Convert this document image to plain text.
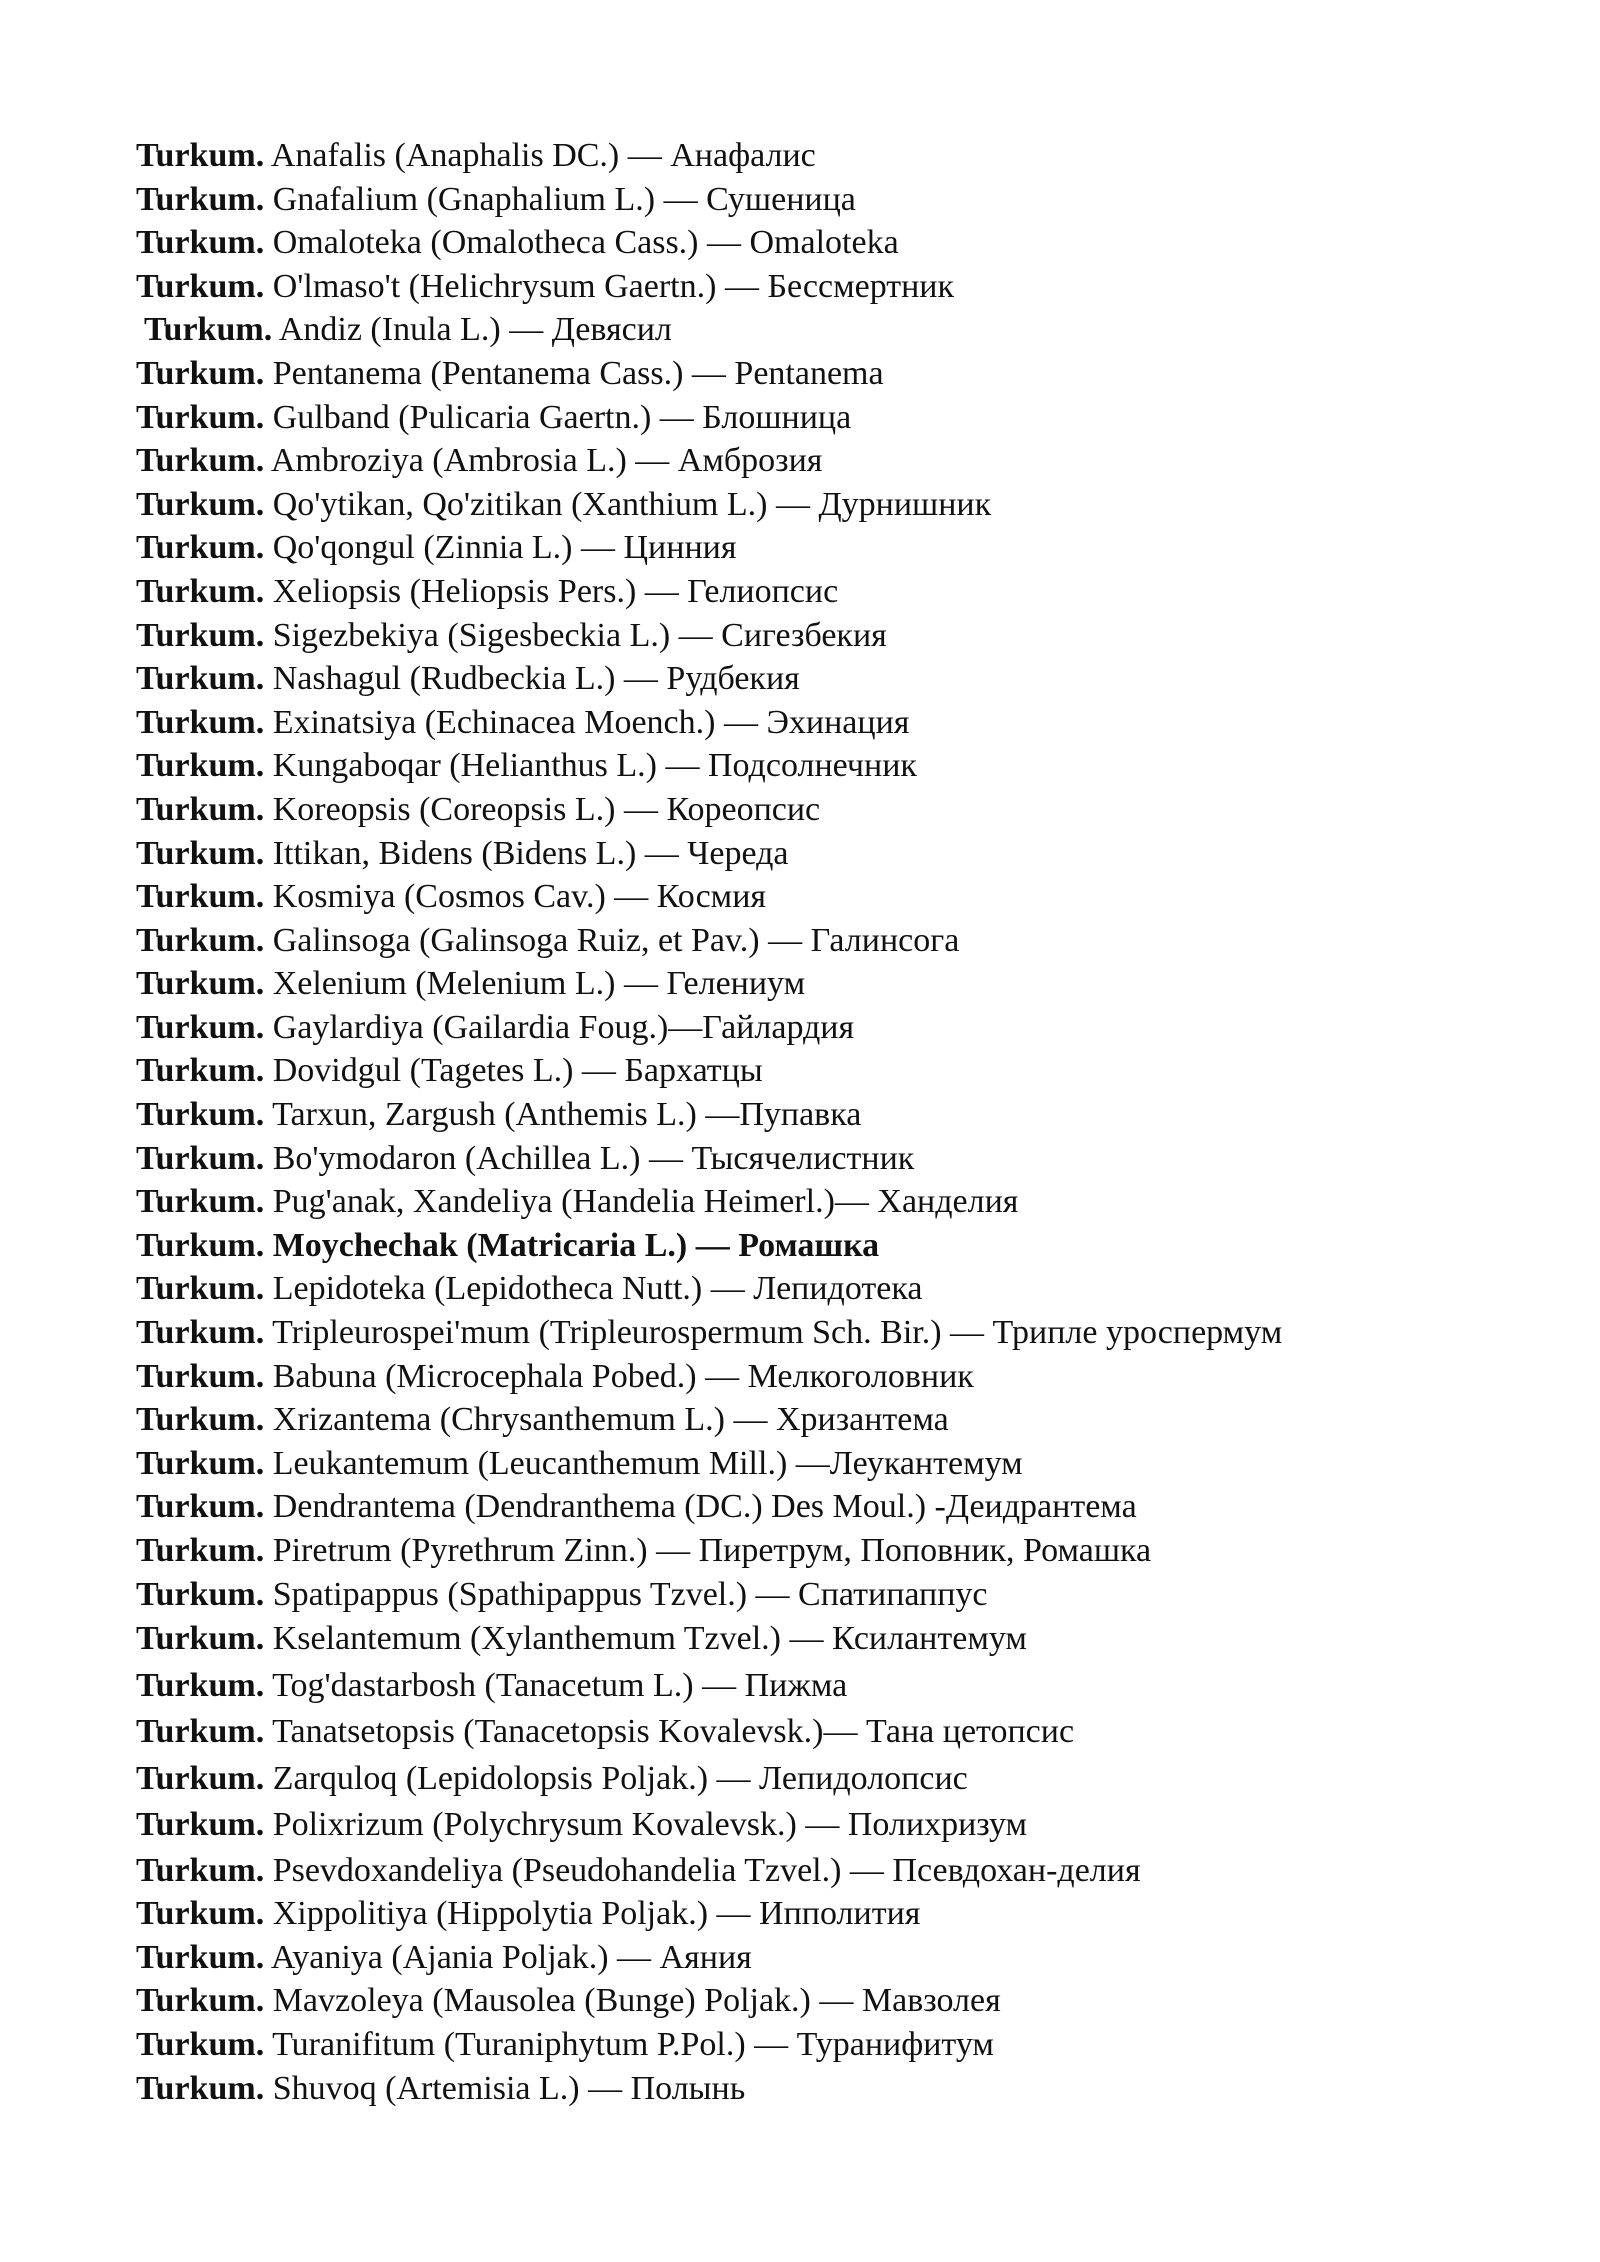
Turkum. Anafalis (Anaphalis DC.) — Анафалис
Turkum. Gnafalium (Gnaphalium L.) — Сушеница
Turkum. Omaloteka (Omalotheca Cass.) — Omaloteka
Turkum. O'lmaso't (Helichrysum Gaertn.) — Бессмертник
Turkum. Andiz (Inula L.) — Девясил
Turkum. Pentanema (Pentanema Cass.) — Pentanema
Turkum. Gulband (Pulicaria Gaertn.) — Блошница
Turkum. Ambroziya (Ambrosia L.) — Амброзия
Turkum. Qo'ytikan, Qo'zitikan (Xanthium L.) — Дурнишник
Turkum. Qo'qongul (Zinnia L.) — Цинния
Turkum. Xeliopsis (Heliopsis Pers.) — Гелиопсис
Turkum. Sigezbekiya (Sigesbeckia L.) — Сигезбекия
Turkum. Nashagul (Rudbeckia L.) — Рудбекия
Turkum. Exinatsiya (Echinacea Moench.) — Эхинация
Turkum. Kungaboqar (Helianthus L.) — Подсолнечник
Turkum. Koreopsis (Coreopsis L.) — Кореопсис
Turkum. Ittikan, Bidens (Bidens L.) — Череда
Turkum. Kosmiya (Cosmos Cav.) — Космия
Turkum. Galinsoga (Galinsoga Ruiz, et Pav.) — Галинсога
Turkum. Xelenium (Melenium L.) — Гелениум
Turkum. Gaylardiya (Gailardia Foug.)—Гайлардия
Turkum. Dovidgul (Tagetes L.) — Бархатцы
Turkum. Tarxun, Zargush (Anthemis L.) —Пупавка
Turkum. Bo'ymodaron (Achillea L.) — Тысячелистник
Turkum. Pug'anak, Xandeliya (Handelia Heimerl.)— Ханделия
Turkum. Moychechak (Matricaria L.) — Ромашка
Turkum. Lepidoteka (Lepidotheca Nutt.) — Лепидотека
Turkum. Tripleurospei'mum (Tripleurospermum Sch. Bir.) — Трипле уроспермум
Turkum. Babuna (Microcephala Pobed.) — Мелкоголовник
Turkum. Xrizantema (Chrysanthemum L.) — Хризантема
Turkum. Leukantemum (Leucanthemum Mill.) —Леукантемум
Turkum. Dendrantema (Dendranthema (DC.) Des Moul.) -Деидрантема
Turkum. Piretrum (Pyrethrum Zinn.) — Пиретрум, Поповник, Ромашка
Turkum. Spatipappus (Spathipappus Tzvel.) — Спатипаппус
Turkum. Kselantemum (Xylanthemum Tzvel.) — Ксилантемум
Turkum. Tog'dastarbosh (Tanacetum L.) — Пижма
Turkum. Tanatsetopsis (Tanacetopsis Kovalevsk.)— Тана цетопсис
Turkum. Zarquloq (Lepidolopsis Poljak.) — Лепидолопсис
Turkum. Polixrizum (Polychrysum Kovalevsk.) — Полихризум
Turkum. Psevdoxandeliya (Pseudohandelia Tzvel.) — Псевдохан-делия
Turkum. Xippolitiya (Hippolytia Poljak.) — Ипполития
Turkum. Ayaniya (Ajania Poljak.) — Аяния
Turkum. Mavzoleya (Mausolea (Bunge) Poljak.) — Мавзолея
Turkum. Turanifitum (Turaniphytum P.Pol.) — Туранифитум
Turkum. Shuvoq (Artemisia L.) — Полынь
